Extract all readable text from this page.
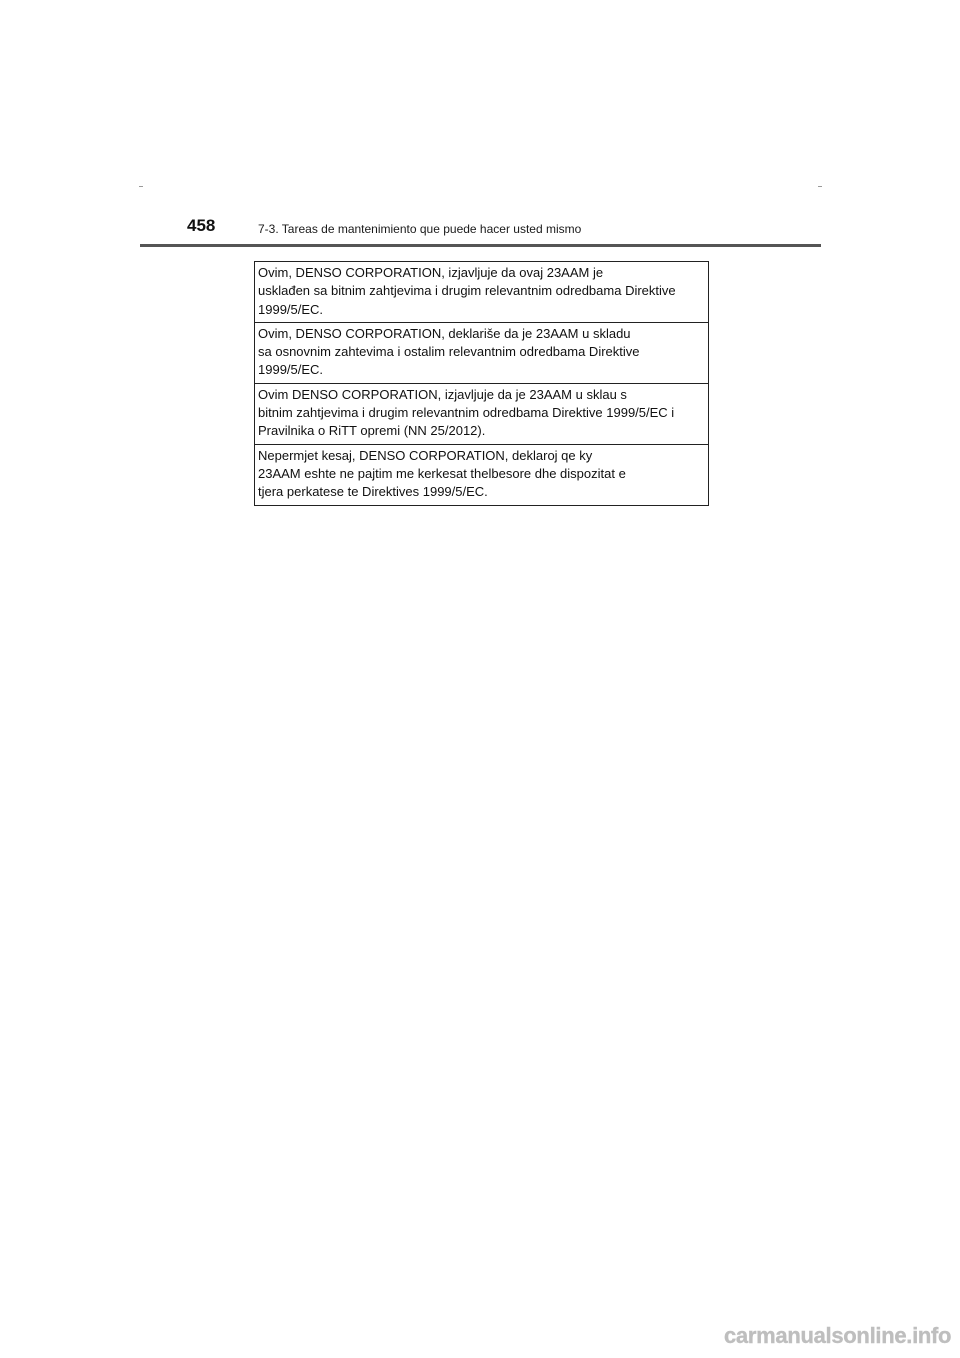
458	7-3. Tareas de mantenimiento que puede hacer usted mismo
Ovim, DENSO CORPORATION, izjavljuje da ovaj 23AAM je
usklađen sa bitnim zahtjevima i drugim relevantnim odredbama Direktive
1999/5/EC.
Ovim, DENSO CORPORATION, deklariše da je 23AAM u skladu
sa osnovnim zahtevima i ostalim relevantnim odredbama Direktive
1999/5/EC.
Ovim DENSO CORPORATION, izjavljuje da je 23AAM u sklau s
bitnim zahtjevima i drugim relevantnim odredbama Direktive 1999/5/EC i
Pravilnika o RiTT opremi (NN 25/2012).
Nepermjet kesaj, DENSO CORPORATION, deklaroj qe ky
23AAM eshte ne pajtim me kerkesat thelbesore dhe dispozitat e
tjera perkatese te Direktives 1999/5/EC.
carmanualsonline.info
